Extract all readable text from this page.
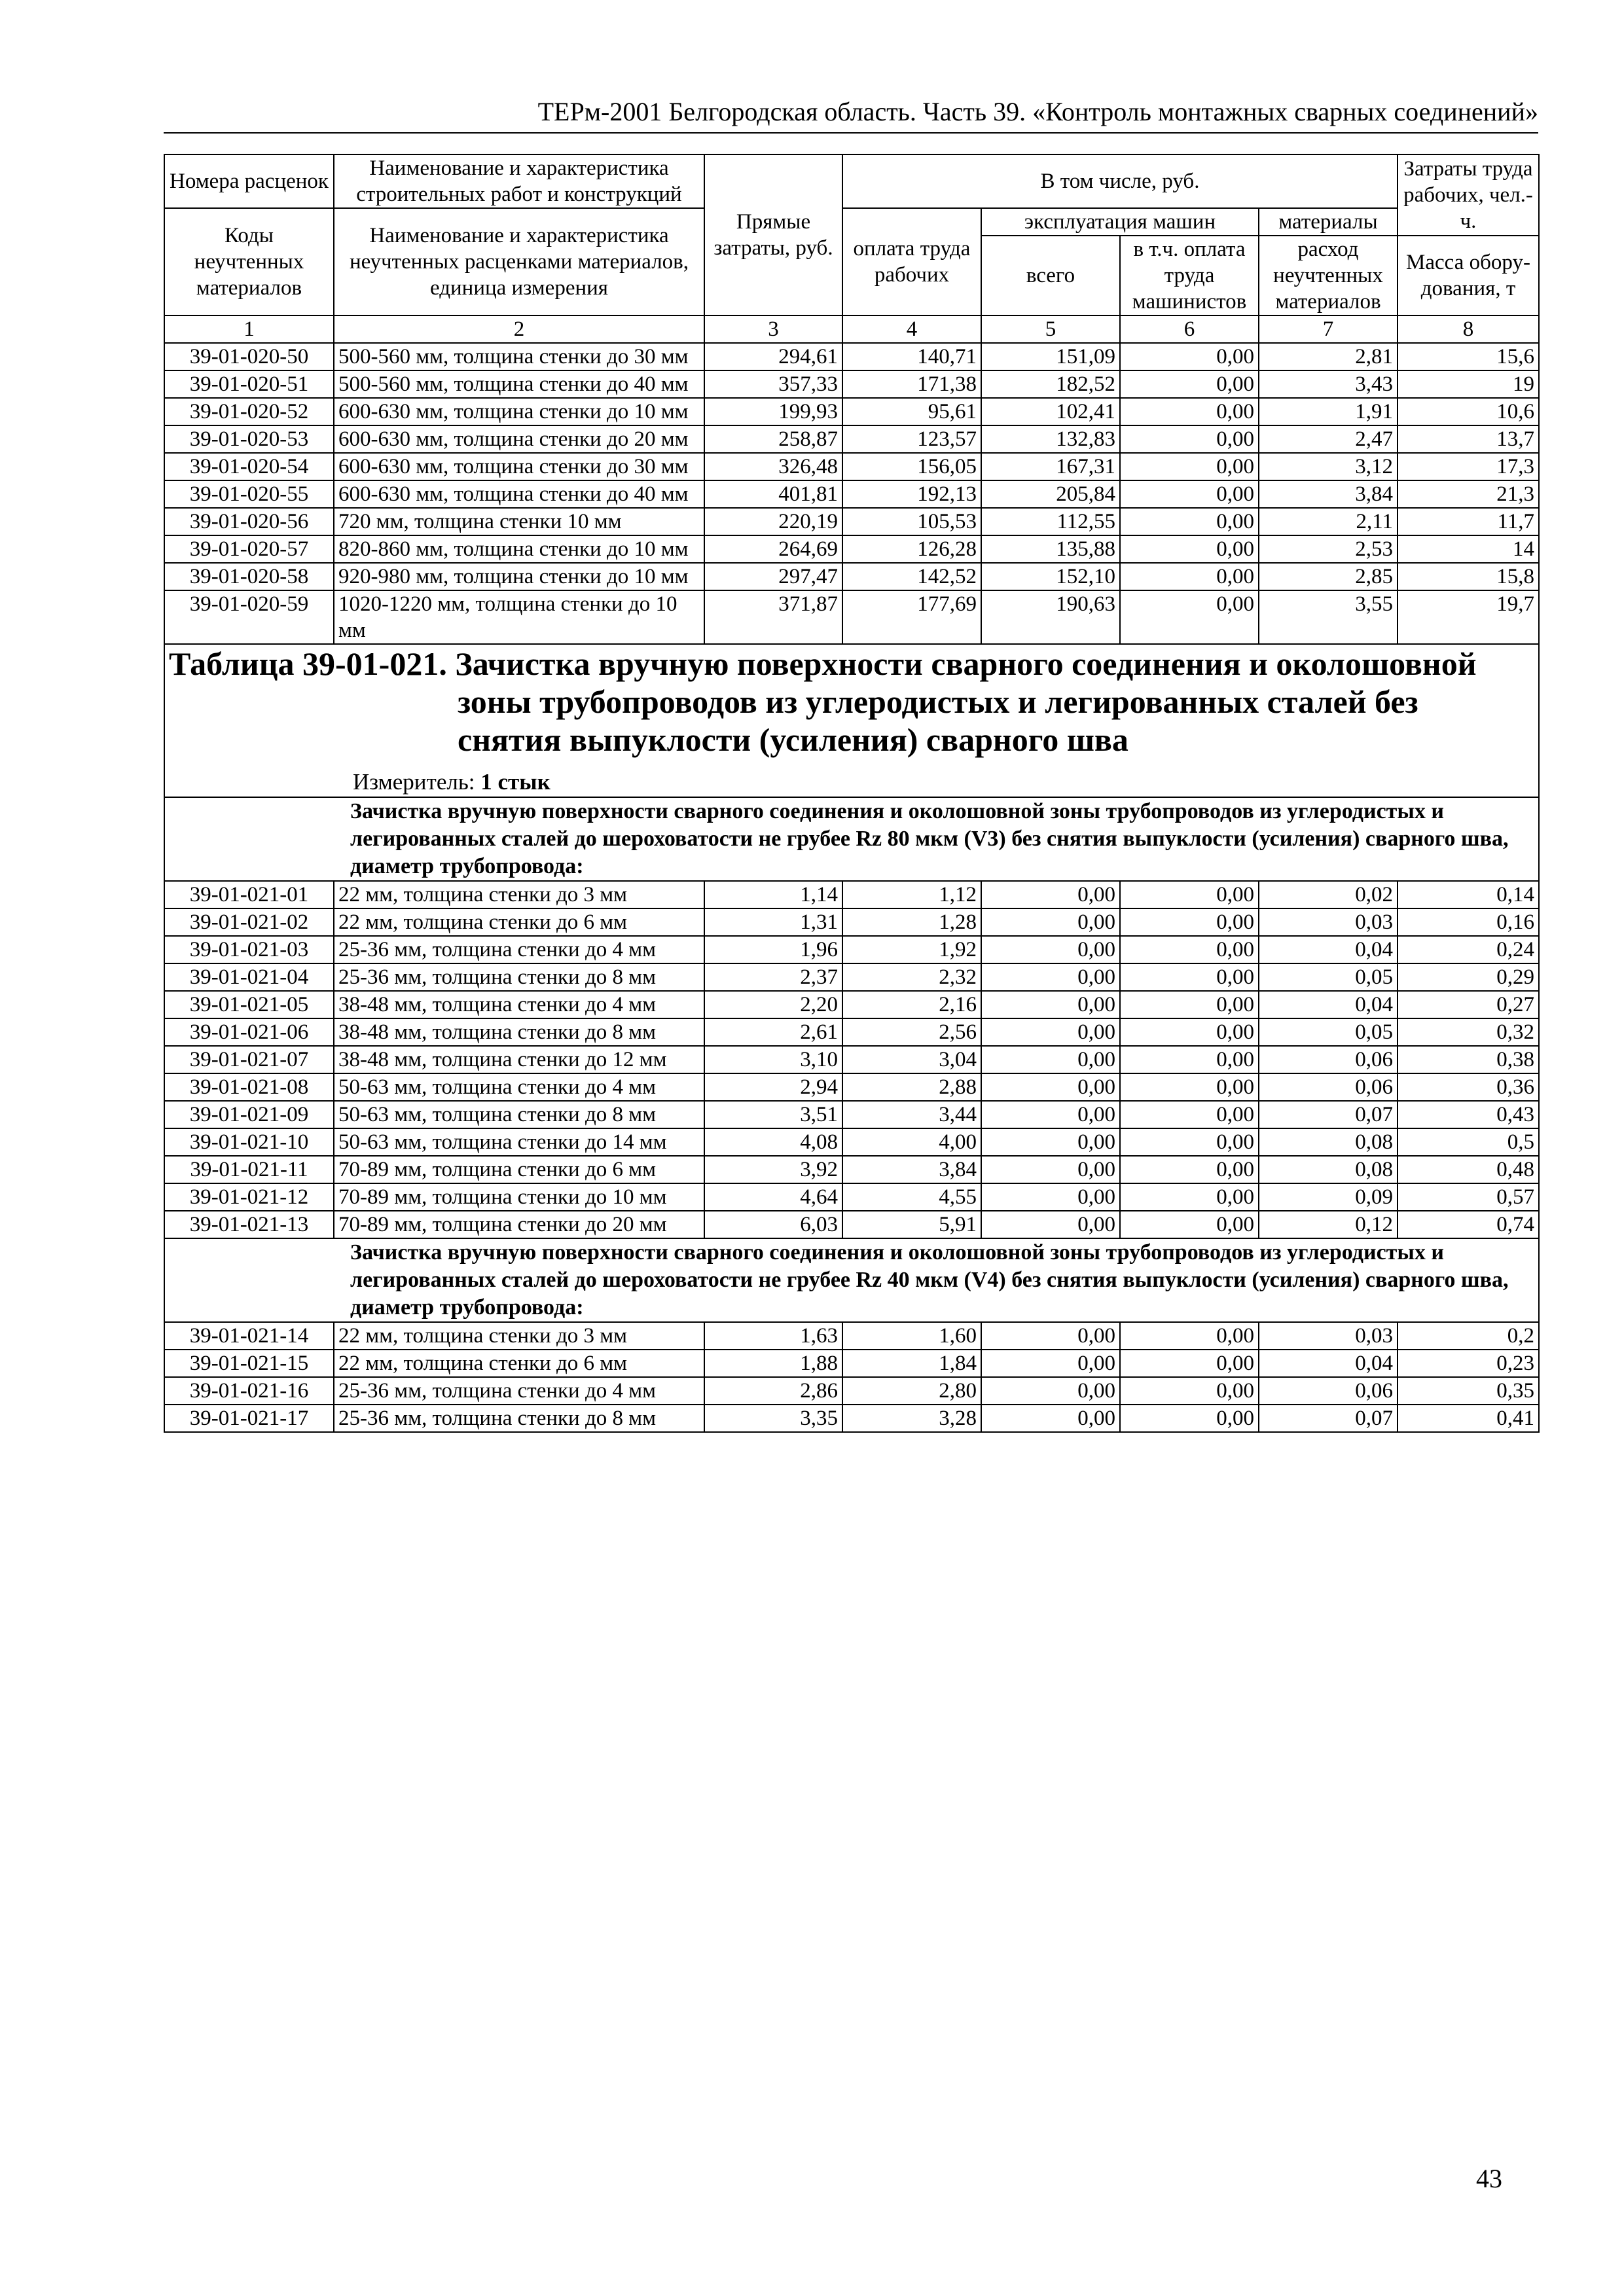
ТЕРм-2001 Белгородская область. Часть 39. «Контроль монтажных сварных соединений»
Номера расценок	Наименование и характеристика строительных работ и конструкций	Прямые затраты, руб.	В том числе, руб.				Затраты труда рабочих, чел.-ч.
Коды неучтенных материалов	Наименование и характеристика неучтенных расценками материалов, единица измерения		оплата труда рабочих	эксплуатация машин		материалы	
				всего	в т.ч. оплата труда машинистов	расход неучтенных материалов	Масса обору-дования, т
1	2	3	4	5	6	7	8
39-01-020-50	500-560 мм, толщина стенки до 30 мм	294,61	140,71	151,09	0,00	2,81	15,6
39-01-020-51	500-560 мм, толщина стенки до 40 мм	357,33	171,38	182,52	0,00	3,43	19
39-01-020-52	600-630 мм, толщина стенки до 10 мм	199,93	95,61	102,41	0,00	1,91	10,6
39-01-020-53	600-630 мм, толщина стенки до 20 мм	258,87	123,57	132,83	0,00	2,47	13,7
39-01-020-54	600-630 мм, толщина стенки до 30 мм	326,48	156,05	167,31	0,00	3,12	17,3
39-01-020-55	600-630 мм, толщина стенки до 40 мм	401,81	192,13	205,84	0,00	3,84	21,3
39-01-020-56	720 мм, толщина стенки 10 мм	220,19	105,53	112,55	0,00	2,11	11,7
39-01-020-57	820-860 мм, толщина стенки до 10 мм	264,69	126,28	135,88	0,00	2,53	14
39-01-020-58	920-980 мм, толщина стенки до 10 мм	297,47	142,52	152,10	0,00	2,85	15,8
39-01-020-59	1020-1220 мм, толщина стенки до 10 мм	371,87	177,69	190,63	0,00	3,55	19,7

Таблица 39-01-021. Зачистка вручную поверхности сварного соединения и околошовной
зоны трубопроводов из углеродистых и легированных сталей без
снятия выпуклости (усиления) сварного шва
Измеритель: 1 стык							

Зачистка вручную поверхности сварного соединения и околошовной зоны трубопроводов из углеродистых и легированных сталей до шероховатости не грубее Rz 80 мкм (V3) без снятия выпуклости (усиления) сварного шва, диаметр трубопровода:							
39-01-021-01	22 мм, толщина стенки до 3 мм	1,14	1,12	0,00	0,00	0,02	0,14
39-01-021-02	22 мм, толщина стенки до 6 мм	1,31	1,28	0,00	0,00	0,03	0,16
39-01-021-03	25-36 мм, толщина стенки до 4 мм	1,96	1,92	0,00	0,00	0,04	0,24
39-01-021-04	25-36 мм, толщина стенки до 8 мм	2,37	2,32	0,00	0,00	0,05	0,29
39-01-021-05	38-48 мм, толщина стенки до 4 мм	2,20	2,16	0,00	0,00	0,04	0,27
39-01-021-06	38-48 мм, толщина стенки до 8 мм	2,61	2,56	0,00	0,00	0,05	0,32
39-01-021-07	38-48 мм, толщина стенки до 12 мм	3,10	3,04	0,00	0,00	0,06	0,38
39-01-021-08	50-63 мм, толщина стенки до 4 мм	2,94	2,88	0,00	0,00	0,06	0,36
39-01-021-09	50-63 мм, толщина стенки до 8 мм	3,51	3,44	0,00	0,00	0,07	0,43
39-01-021-10	50-63 мм, толщина стенки до 14 мм	4,08	4,00	0,00	0,00	0,08	0,5
39-01-021-11	70-89 мм, толщина стенки до 6 мм	3,92	3,84	0,00	0,00	0,08	0,48
39-01-021-12	70-89 мм, толщина стенки до 10 мм	4,64	4,55	0,00	0,00	0,09	0,57
39-01-021-13	70-89 мм, толщина стенки до 20 мм	6,03	5,91	0,00	0,00	0,12	0,74
Зачистка вручную поверхности сварного соединения и околошовной зоны трубопроводов из углеродистых и легированных сталей до шероховатости не грубее Rz 40 мкм (V4) без снятия выпуклости (усиления) сварного шва, диаметр трубопровода:							
39-01-021-14	22 мм, толщина стенки до 3 мм	1,63	1,60	0,00	0,00	0,03	0,2
39-01-021-15	22 мм, толщина стенки до 6 мм	1,88	1,84	0,00	0,00	0,04	0,23
39-01-021-16	25-36 мм, толщина стенки до 4 мм	2,86	2,80	0,00	0,00	0,06	0,35
39-01-021-17	25-36 мм, толщина стенки до 8 мм	3,35	3,28	0,00	0,00	0,07	0,41
43
